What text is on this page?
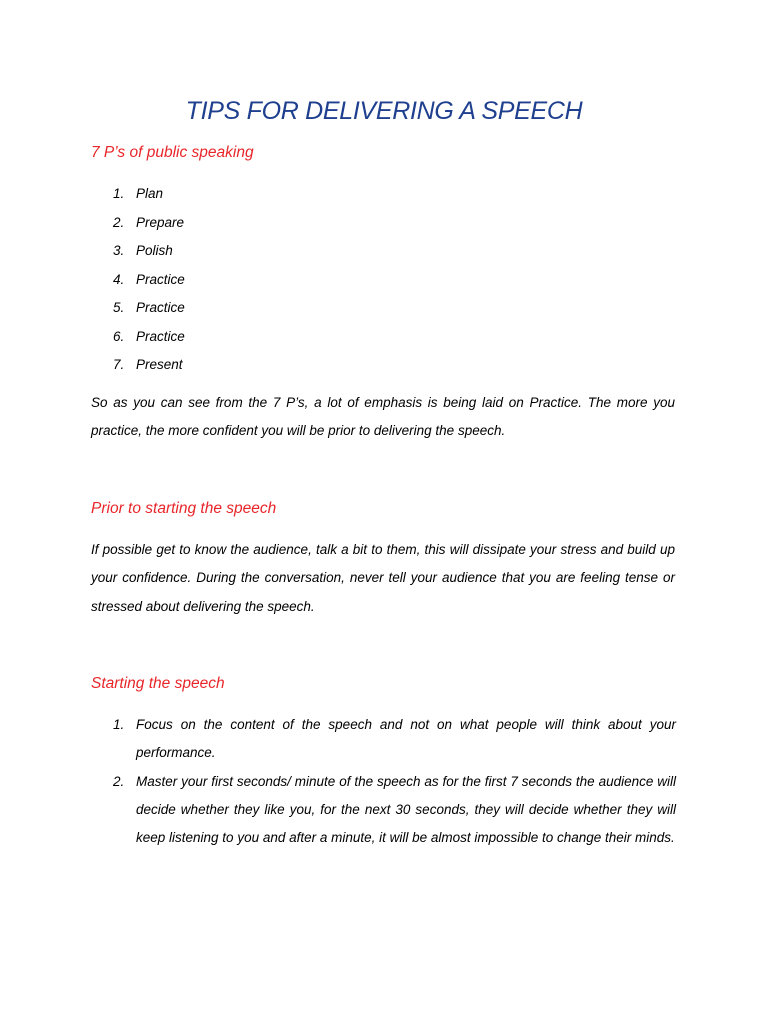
TIPS FOR DELIVERING A SPEECH
7 P’s of public speaking
1. Plan
2. Prepare
3. Polish
4. Practice
5. Practice
6. Practice
7. Present

So as you can see from the 7 P’s, a lot of emphasis is being laid on Practice. The more you practice, the more confident you will be prior to delivering the speech.

Prior to starting the speech

If possible get to know the audience, talk a bit to them, this will dissipate your stress and build up your confidence. During the conversation, never tell your audience that you are feeling tense or stressed about delivering the speech.

Starting the speech
1. Focus on the content of the speech and not on what people will think about your performance.
2. Master your first seconds/ minute of the speech as for the first 7 seconds the audience will decide whether they like you, for the next 30 seconds, they will decide whether they will keep listening to you and after a minute, it will be almost impossible to change their minds.
